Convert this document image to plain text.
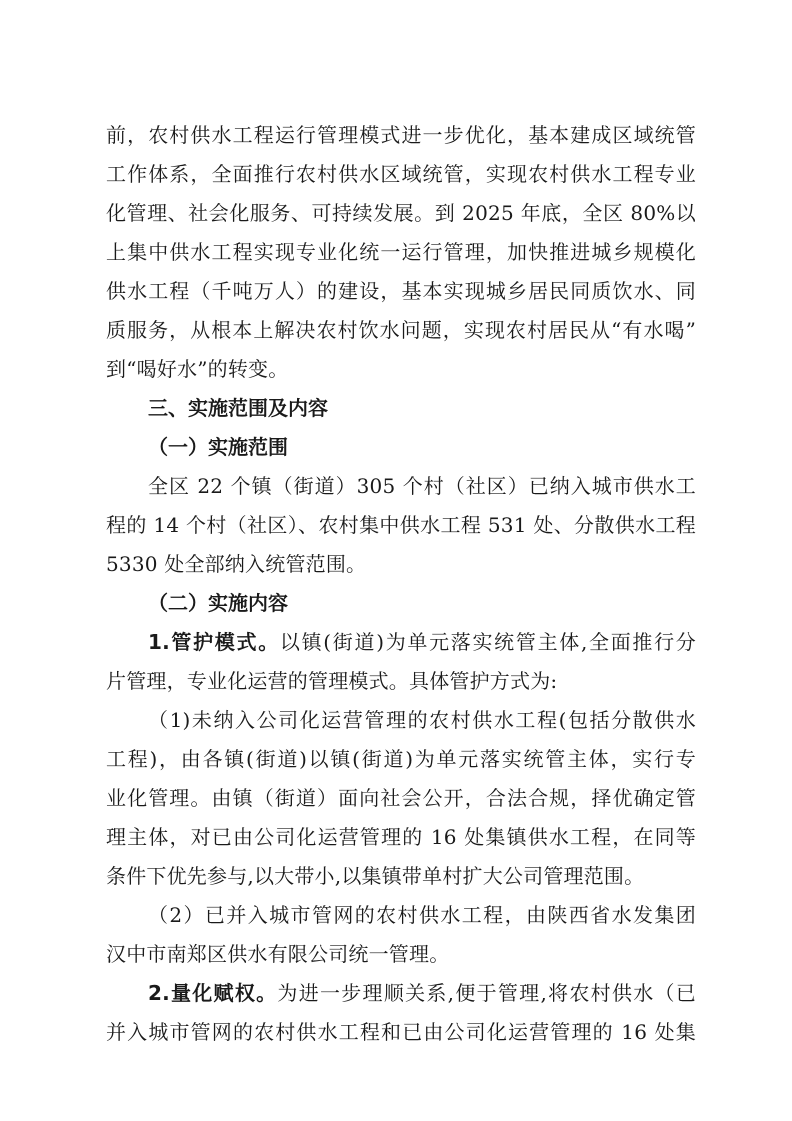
前，农村供水工程运行管理模式进一步优化，基本建成区域统管
工作体系，全面推行农村供水区域统管，实现农村供水工程专业
化管理、社会化服务、可持续发展。到 2025 年底，全区 80%以
上集中供水工程实现专业化统一运行管理，加快推进城乡规模化
供水工程（千吨万人）的建设，基本实现城乡居民同质饮水、同
质服务，从根本上解决农村饮水问题，实现农村居民从“有水喝”
到“喝好水”的转变。
三、实施范围及内容
（一）实施范围
全区 22 个镇（街道）305 个村（社区）已纳入城市供水工
程的 14 个村（社区）、农村集中供水工程 531 处、分散供水工程
5330 处全部纳入统管范围。
（二）实施内容
1.管护模式。以镇(街道)为单元落实统管主体,全面推行分
片管理，专业化运营的管理模式。具体管护方式为:
（1)未纳入公司化运营管理的农村供水工程(包括分散供水
工程)，由各镇(街道)以镇(街道)为单元落实统管主体，实行专
业化管理。由镇（街道）面向社会公开，合法合规，择优确定管
理主体，对已由公司化运营管理的 16 处集镇供水工程，在同等
条件下优先参与,以大带小,以集镇带单村扩大公司管理范围。
（2）已并入城市管网的农村供水工程，由陕西省水发集团
汉中市南郑区供水有限公司统一管理。
2.量化赋权。为进一步理顺关系,便于管理,将农村供水（已
并入城市管网的农村供水工程和已由公司化运营管理的 16 处集
